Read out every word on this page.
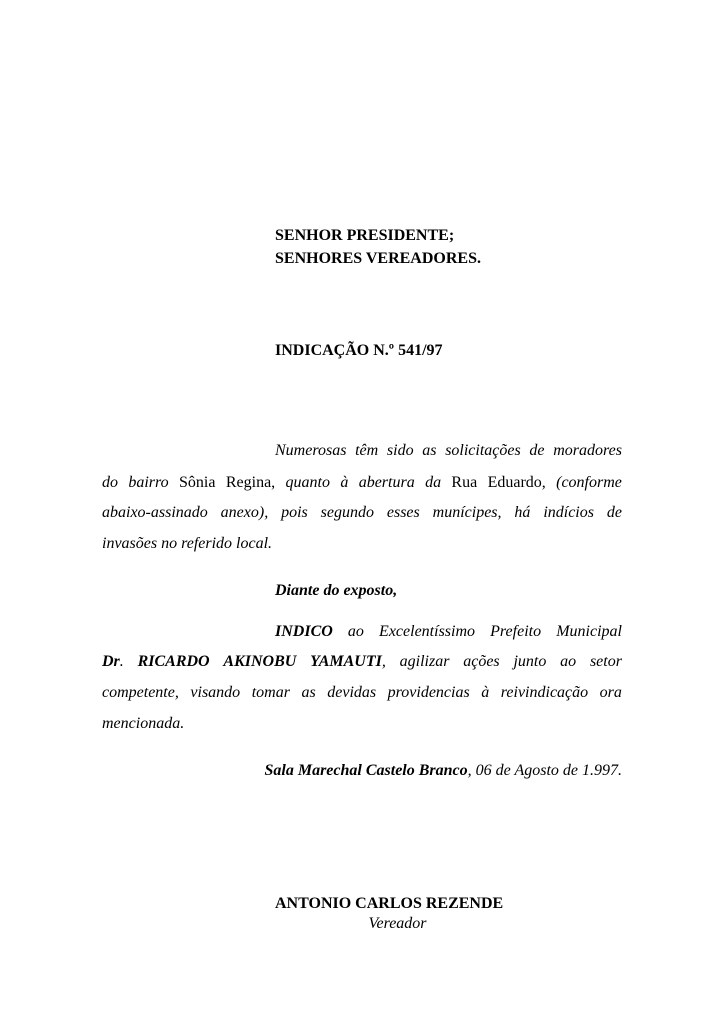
SENHOR PRESIDENTE;
SENHORES VEREADORES.
INDICAÇÃO N.º 541/97
Numerosas têm sido as solicitações de moradores
do bairro Sônia Regina, quanto à abertura da Rua Eduardo, (conforme
abaixo-assinado anexo), pois segundo esses munícipes, há indícios de
invasões no referido local.
Diante do exposto,
INDICO ao Excelentíssimo Prefeito Municipal
Dr. RICARDO AKINOBU YAMAUTI, agilizar ações junto ao setor
competente, visando tomar as devidas providencias à reivindicação ora
mencionada.
Sala Marechal Castelo Branco, 06 de Agosto de 1.997.
ANTONIO CARLOS REZENDE
Vereador
